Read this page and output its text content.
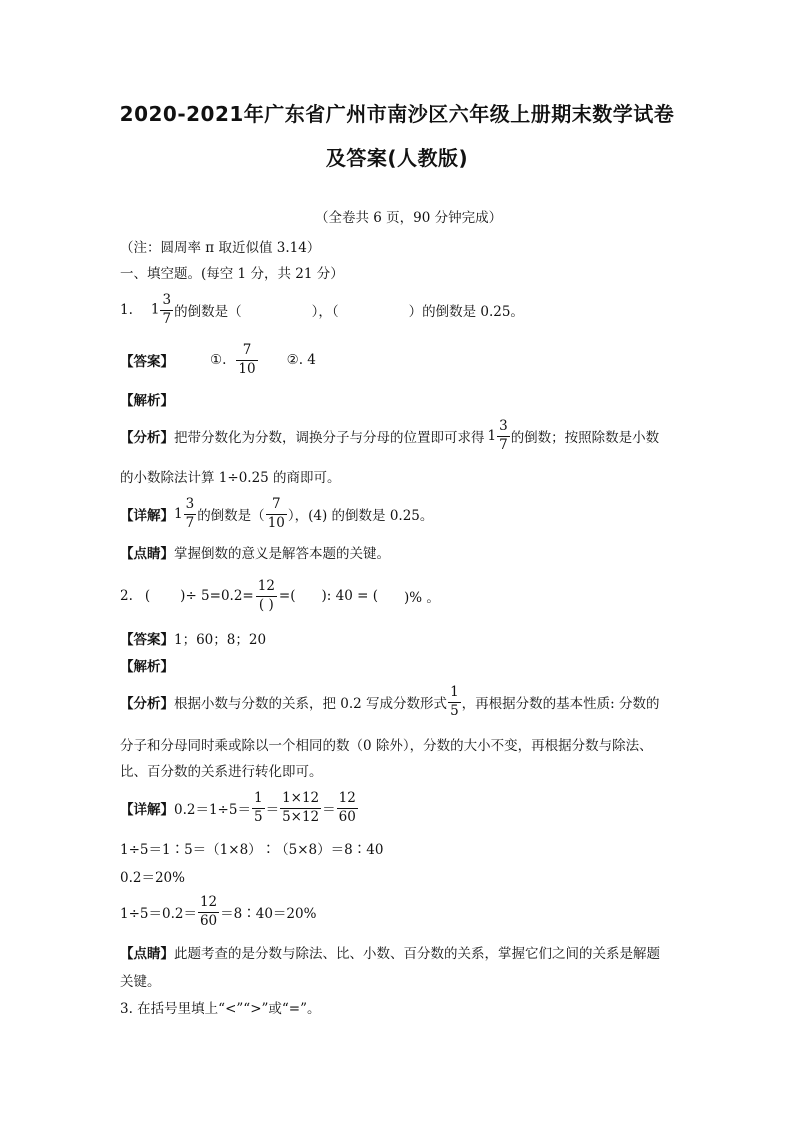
2020-2021年广东省广州市南沙区六年级上册期末数学试卷
及答案(人教版)
（全卷共 6 页，90 分钟完成）
（注：圆周率 π 取近似值 3.14）
一、填空题。(每空 1 分，共 21 分）
1. $1 \frac{3}{7}$ 的倒数是（	），（	）的倒数是 0.25。
【答案】	①. $\frac{7}{10}$ ②. 4
【解析】
【分析】 把带分数化为分数，调换分子与分母的位置即可求得 $1 \frac{3}{7}$ 的倒数；按照除数是小数
的小数除法计算 1÷0.25 的商即可。
【详解】 $1 \frac{3}{7}$ 的倒数是（ $\frac{7}{10}$ ），(4) 的倒数是 0.25。
【点睛】掌握倒数的意义是解答本题的关键。
2. ( )÷ $5=0.2= \frac{12}{( )}$ =( ): 40 = ( )% 。
【答案】1；60；8；20
【解析】
【分析】 根据小数与分数的关系，把 0.2 写成分数形式 $\frac{1}{5}$ ，再根据分数的基本性质: 分数的
分子和分母同时乘或除以一个相同的数（0 除外），分数的大小不变，再根据分数与除法、
比、百分数的关系进行转化即可。
【详解】 $0.2=1\div 5= \frac{1}{5} = \frac{1\times 12}{5\times 12} = \frac{12}{60}$
1÷5＝1∶5＝（1×8）∶（5×8）＝8∶40
0.2＝20%
$1\div 5=0.2= \frac{12}{60}$ ＝8∶40＝20%
【点睛】此题考查的是分数与除法、比、小数、百分数的关系，掌握它们之间的关系是解题
关键。
3. 在括号里填上“<”“>”或“=”。
